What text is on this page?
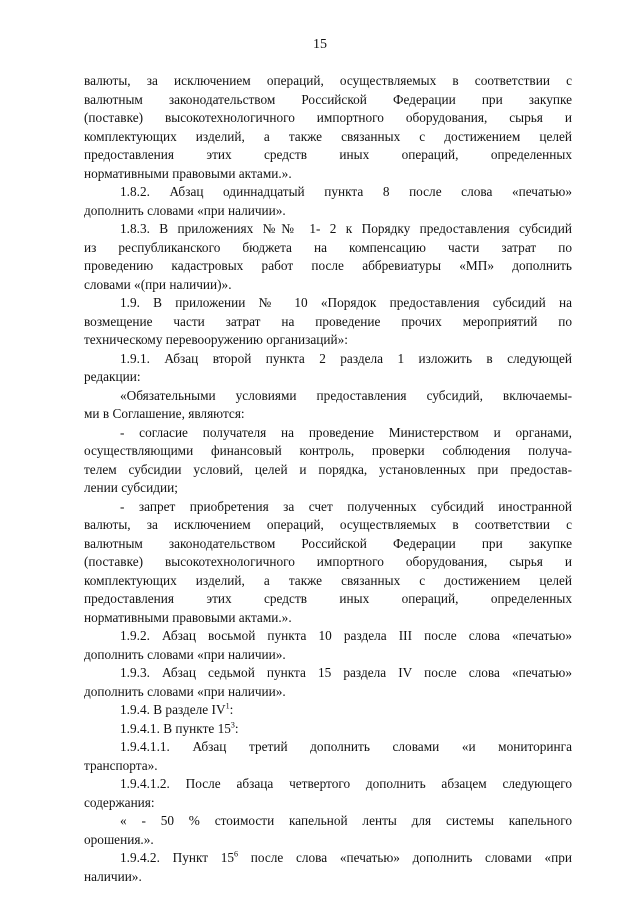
15
валюты, за исключением операций, осуществляемых в соответствии с
валютным законодательством Российской Федерации при закупке
(поставке) высокотехнологичного импортного оборудования, сырья и
комплектующих изделий, а также связанных с достижением целей
предоставления этих средств иных операций, определенных
нормативными правовыми актами.».
1.8.2. Абзац одиннадцатый пункта 8 после слова «печатью»
дополнить словами «при наличии».
1.8.3. В приложениях №№ 1- 2 к Порядку предоставления субсидий
из республиканского бюджета на компенсацию части затрат по
проведению кадастровых работ после аббревиатуры «МП» дополнить
словами «(при наличии)».
1.9. В приложении № 10 «Порядок предоставления субсидий на
возмещение части затрат на проведение прочих мероприятий по
техническому перевооружению организаций»:
1.9.1. Абзац второй пункта 2 раздела 1 изложить в следующей
редакции:
«Обязательными условиями предоставления субсидий, включаемы-
ми в Соглашение, являются:
- согласие получателя на проведение Министерством и органами,
осуществляющими финансовый контроль, проверки соблюдения получа-
телем субсидии условий, целей и порядка, установленных при предостав-
лении субсидии;
- запрет приобретения за счет полученных субсидий иностранной
валюты, за исключением операций, осуществляемых в соответствии с
валютным законодательством Российской Федерации при закупке
(поставке) высокотехнологичного импортного оборудования, сырья и
комплектующих изделий, а также связанных с достижением целей
предоставления этих средств иных операций, определенных
нормативными правовыми актами.».
1.9.2. Абзац восьмой пункта 10 раздела III после слова «печатью»
дополнить словами «при наличии».
1.9.3. Абзац седьмой пункта 15 раздела IV после слова «печатью»
дополнить словами «при наличии».
1.9.4. В разделе $IV^1$:
1.9.4.1. В пункте $15^3$:
1.9.4.1.1. Абзац третий дополнить словами «и мониторинга
транспорта».
1.9.4.1.2. После абзаца четвертого дополнить абзацем следующего
содержания:
« - 50 % стоимости капельной ленты для системы капельного
орошения.».
1.9.4.2. Пункт $15^6$ после слова «печатью» дополнить словами «при
наличии».
